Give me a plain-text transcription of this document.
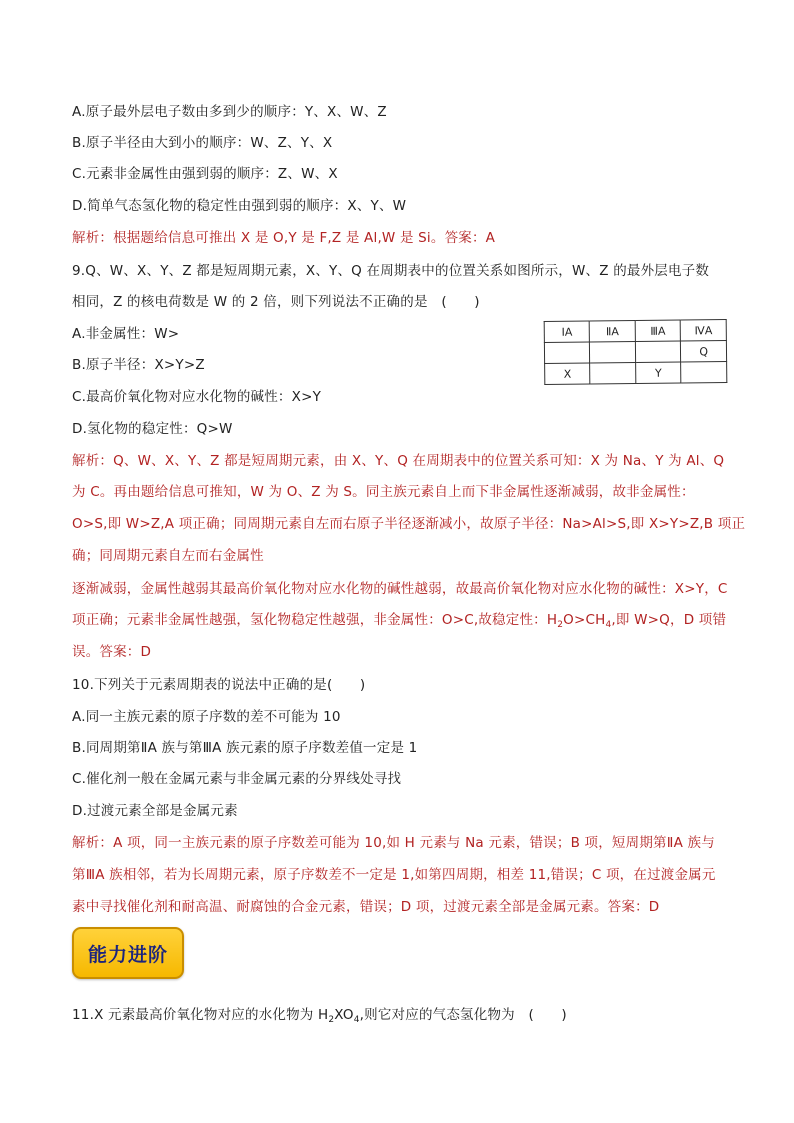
A.原子最外层电子数由多到少的顺序：Y、X、W、Z
B.原子半径由大到小的顺序：W、Z、Y、X
C.元素非金属性由强到弱的顺序：Z、W、X
D.简单气态氢化物的稳定性由强到弱的顺序：X、Y、W
解析：根据题给信息可推出 X 是 O,Y 是 F,Z 是 Al,W 是 Si。答案：A
9.Q、W、X、Y、Z 都是短周期元素，X、Y、Q 在周期表中的位置关系如图所示，W、Z 的最外层电子数
相同，Z 的核电荷数是 W 的 2 倍，则下列说法不正确的是　(　　)
A.非金属性：W>
B.原子半径：X>Y>Z
C.最高价氧化物对应水化物的碱性：X>Y
D.氢化物的稳定性：Q>W
ⅠA	ⅡA	ⅢA	ⅣA
			Q
X		Y	
解析：Q、W、X、Y、Z 都是短周期元素，由 X、Y、Q 在周期表中的位置关系可知：X 为 Na、Y 为 Al、Q
为 C。再由题给信息可推知，W 为 O、Z 为 S。同主族元素自上而下非金属性逐渐减弱，故非金属性：
O>S,即 W>Z,A 项正确；同周期元素自左而右原子半径逐渐减小，故原子半径：Na>Al>S,即 X>Y>Z,B 项正
确；同周期元素自左而右金属性
逐渐减弱，金属性越弱其最高价氧化物对应水化物的碱性越弱，故最高价氧化物对应水化物的碱性：X>Y，C
项正确；元素非金属性越强，氢化物稳定性越强，非金属性：O>C,故稳定性：$H_2O>CH_4$,即 W>Q，D 项错
误。答案：D
10.下列关于元素周期表的说法中正确的是(　　)
A.同一主族元素的原子序数的差不可能为 10
B.同周期第ⅡA 族与第ⅢA 族元素的原子序数差值一定是 1
C.催化剂一般在金属元素与非金属元素的分界线处寻找
D.过渡元素全部是金属元素
解析：A 项，同一主族元素的原子序数差可能为 10,如 H 元素与 Na 元素，错误；B 项，短周期第ⅡA 族与
第ⅢA 族相邻，若为长周期元素，原子序数差不一定是 1,如第四周期，相差 11,错误；C 项，在过渡金属元
素中寻找催化剂和耐高温、耐腐蚀的合金元素，错误；D 项，过渡元素全部是金属元素。答案：D
能力进阶
11.X 元素最高价氧化物对应的水化物为 $H_2XO_4$,则它对应的气态氢化物为　(　　)
